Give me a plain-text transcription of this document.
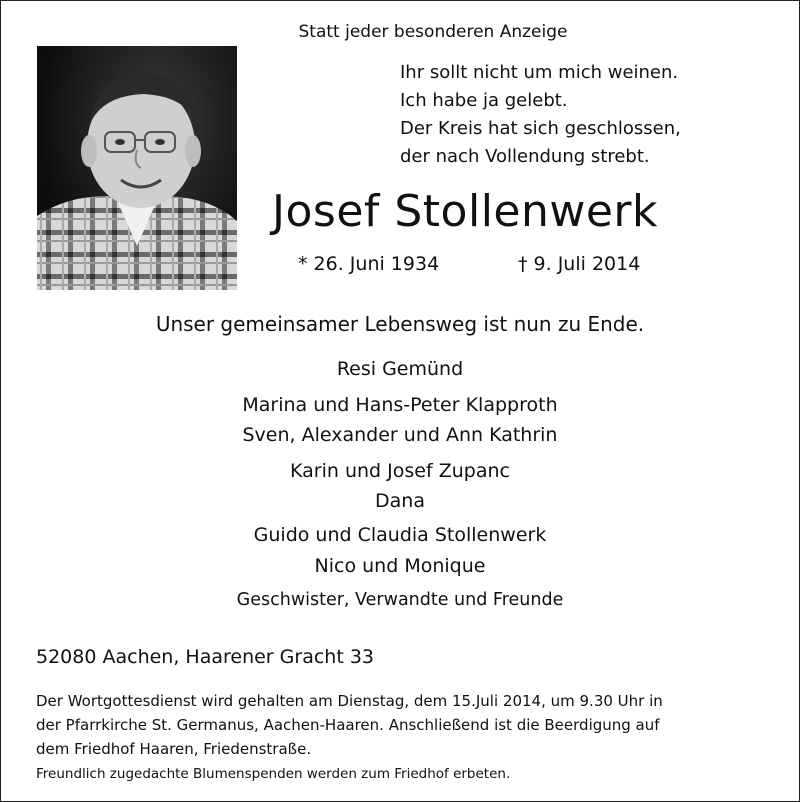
Statt jeder besonderen Anzeige
Ihr sollt nicht um mich weinen.
Ich habe ja gelebt.
Der Kreis hat sich geschlossen,
der nach Vollendung strebt.
Josef Stollenwerk
* 26. Juni 1934	† 9. Juli 2014
Unser gemeinsamer Lebensweg ist nun zu Ende.
Resi Gemünd
Marina und Hans-Peter Klapproth
Sven, Alexander und Ann Kathrin
Karin und Josef Zupanc
Dana
Guido und Claudia Stollenwerk
Nico und Monique
Geschwister, Verwandte und Freunde
52080 Aachen, Haarener Gracht 33
Der Wortgottesdienst wird gehalten am Dienstag, dem 15.Juli 2014, um 9.30 Uhr in
der Pfarrkirche St. Germanus, Aachen-Haaren. Anschließend ist die Beerdigung auf
dem Friedhof Haaren, Friedenstraße.
Freundlich zugedachte Blumenspenden werden zum Friedhof erbeten.
